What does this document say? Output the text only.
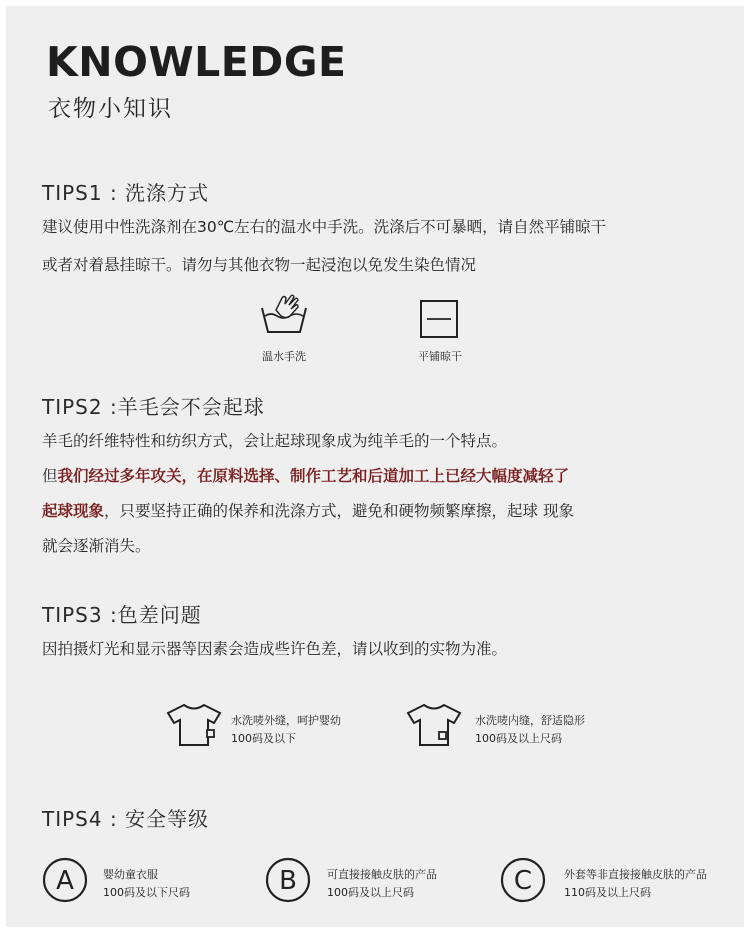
KNOWLEDGE
衣物小知识
TIPS1 : 洗涤方式
建议使用中性洗涤剂在30℃左右的温水中手洗。洗涤后不可暴晒，请自然平铺晾干
或者对着悬挂晾干。请勿与其他衣物一起浸泡以免发生染色情况
温水手洗	平铺晾干
TIPS2 :羊毛会不会起球
羊毛的纤维特性和纺织方式，会让起球现象成为纯羊毛的一个特点。
但我们经过多年攻关，在原料选择、制作工艺和后道加工上已经大幅度减轻了
起球现象，只要坚持正确的保养和洗涤方式，避免和硬物频繁摩擦，起球 现象
就会逐渐消失。
TIPS3 :色差问题
因拍摄灯光和显示器等因素会造成些许色差，请以收到的实物为准。
水洗唛外缝，呵护婴幼
100码及以下
水洗唛内缝，舒适隐形
100码及以上尺码
TIPS4 : 安全等级
A	婴幼童衣服
100码及以下尺码	B	可直接接触皮肤的产品
100码及以上尺码	C	外套等非直接接触皮肤的产品
110码及以上尺码
